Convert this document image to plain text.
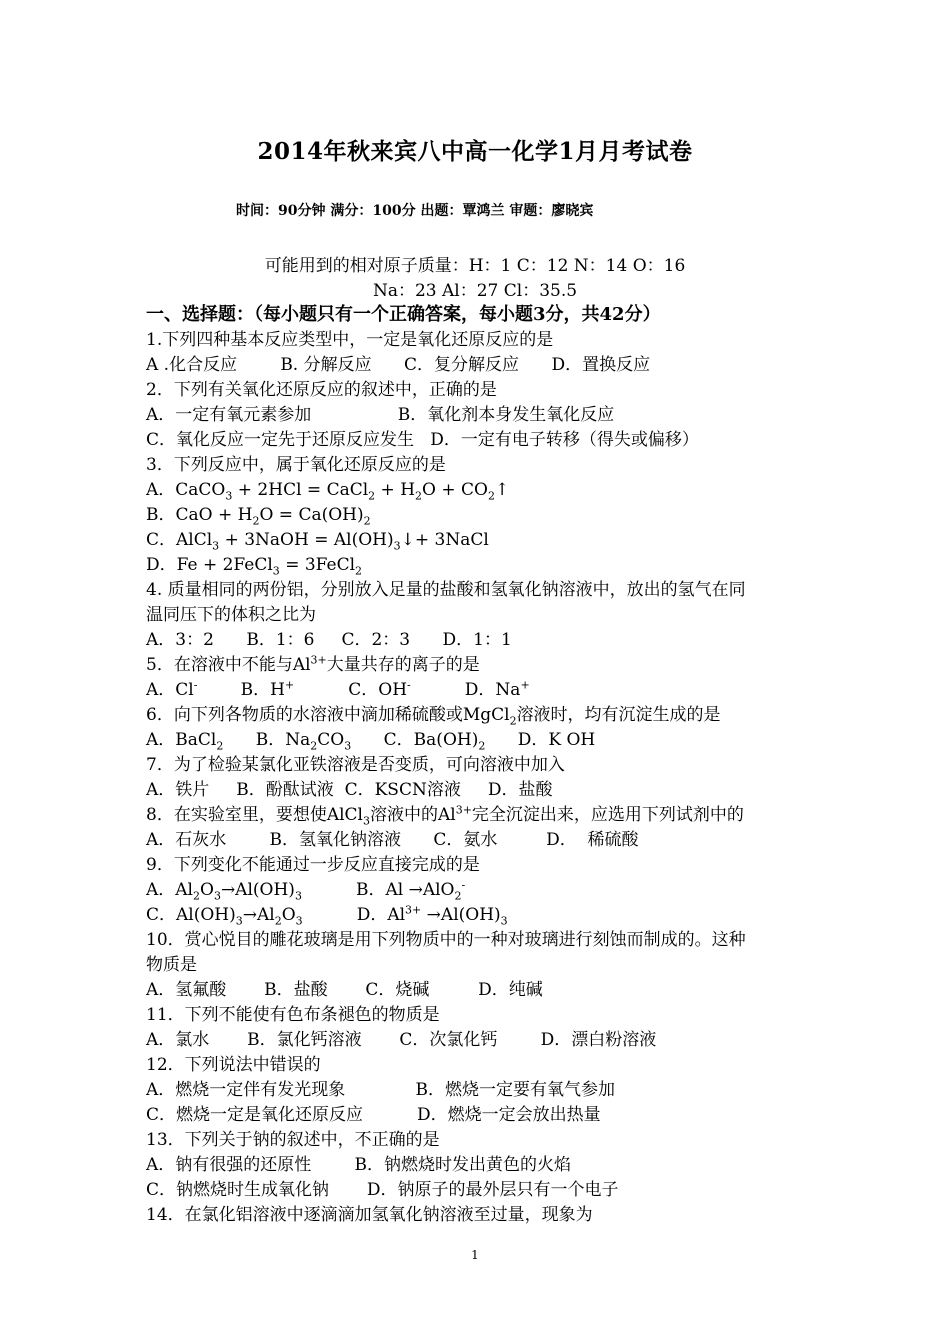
2014年秋来宾八中高一化学1月月考试卷
时间：90分钟 满分：100分 出题：覃鸿兰 审题：廖晓宾
可能用到的相对原子质量：H：1 C：12 N：14 O：16
Na：23 Al：27 Cl：35.5
一、选择题：（每小题只有一个正确答案，每小题3分，共42分）
1.下列四种基本反应类型中，一定是氧化还原反应的是
A .化合反应        B. 分解反应      C．复分解反应      D．置换反应
2．下列有关氧化还原反应的叙述中，正确的是
A．一定有氧元素参加                B．氧化剂本身发生氧化反应
C．氧化反应一定先于还原反应发生   D．一定有电子转移（得失或偏移）
3．下列反应中，属于氧化还原反应的是
A．CaCO$_3$ + 2HCl = CaCl$_2$ + $H_2O$ + $CO_2↑$
B．CaO + $H_2O = Ca(OH)_2$
C．AlCl$_3$ + 3NaOH = $Al(OH)_3↓+$ 3NaCl
D．Fe + 2FeCl$_3$ = 3FeCl$_2$
4. 质量相同的两份铝，分别放入足量的盐酸和氢氧化钠溶液中，放出的氢气在同
温同压下的体积之比为
A．3：2      B．1：6     C．2：3      D．1：1
5．在溶液中不能与$Al^{3+}$大量共存的离子的是
A．Cl-        B．H+          C．OH-          D．Na+
6．向下列各物质的水溶液中滴加稀硫酸或MgCl$_2$溶液时，均有沉淀生成的是
A．BaCl$_2$      B．$Na_2CO_3$      C．$Ba(OH)_2$      D．K OH
7．为了检验某氯化亚铁溶液是否变质，可向溶液中加入
A．铁片     B．酚酞试液  C．KSCN溶液     D．盐酸
8．在实验室里，要想使AlCl$_3$溶液中的$Al^{3+}$完全沉淀出来，应选用下列试剂中的
A．石灰水        B．氢氧化钠溶液      C．氨水         D．  稀硫酸
9．下列变化不能通过一步反应直接完成的是
A．$Al_2O_3\to Al(OH)_3$          B．Al →AlO$_2$-
C．$Al(OH)_3\to Al_2O_3$          D．$Al^{3+} \to Al(OH)_3$
10．赏心悦目的雕花玻璃是用下列物质中的一种对玻璃进行刻蚀而制成的。这种
物质是
A．氢氟酸       B．盐酸       C．烧碱         D．纯碱
11．下列不能使有色布条褪色的物质是
A．氯水       B．氯化钙溶液       C．次氯化钙        D．漂白粉溶液
12．下列说法中错误的
A．燃烧一定伴有发光现象             B．燃烧一定要有氧气参加
C．燃烧一定是氧化还原反应          D．燃烧一定会放出热量
13．下列关于钠的叙述中，不正确的是
A．钠有很强的还原性        B．钠燃烧时发出黄色的火焰
C．钠燃烧时生成氧化钠       D．钠原子的最外层只有一个电子
14．在氯化铝溶液中逐滴滴加氢氧化钠溶液至过量，现象为
1
